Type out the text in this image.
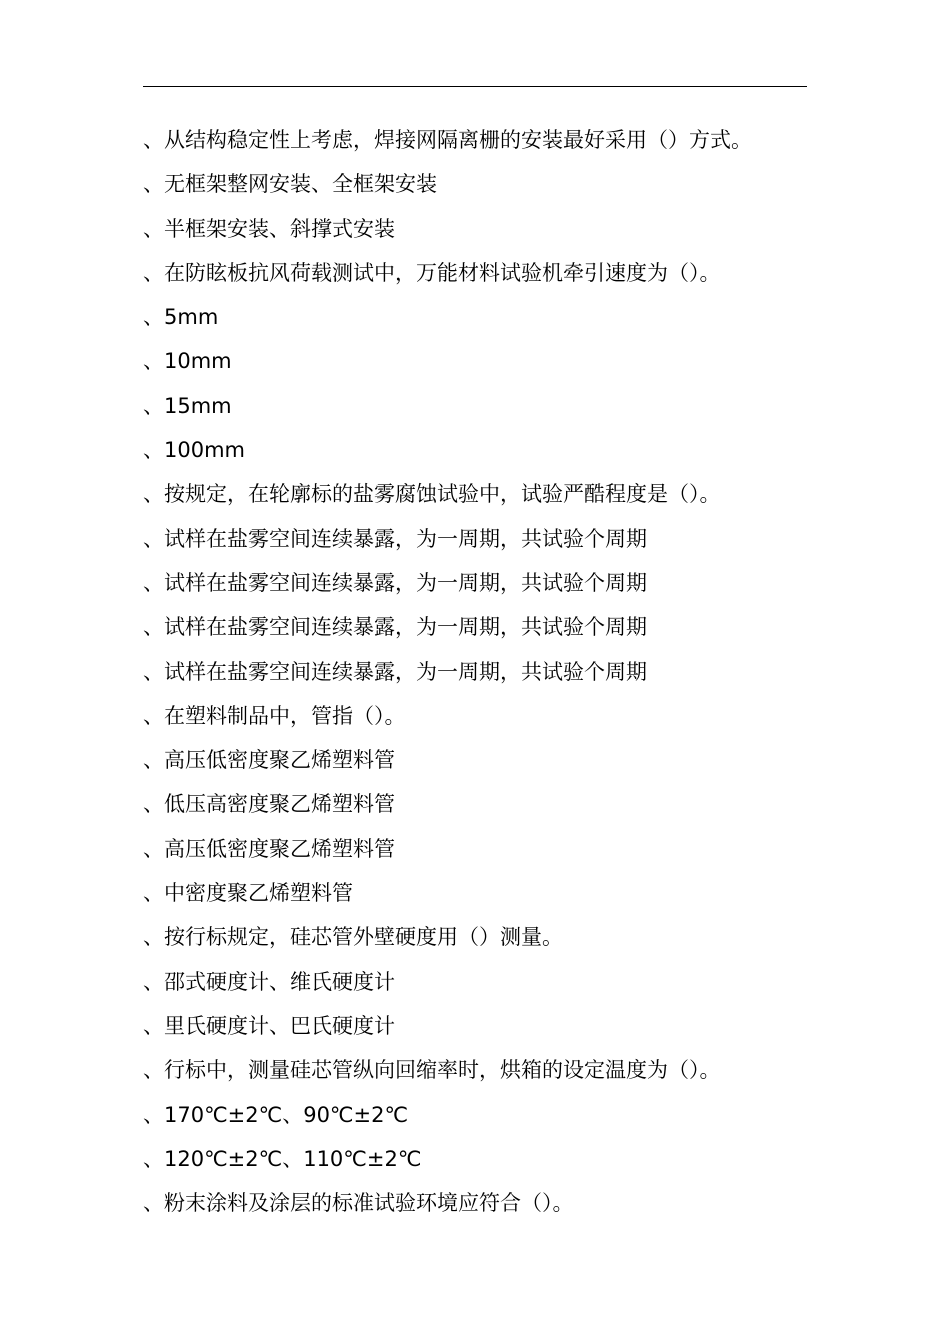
、从结构稳定性上考虑，焊接网隔离栅的安装最好采用（）方式。
、无框架整网安装、全框架安装
、半框架安装、斜撑式安装
、在防眩板抗风荷载测试中，万能材料试验机牵引速度为（）。
、5mm
、10mm
、15mm
、100mm
、按规定，在轮廓标的盐雾腐蚀试验中，试验严酷程度是（）。
、试样在盐雾空间连续暴露，为一周期，共试验个周期
、试样在盐雾空间连续暴露，为一周期，共试验个周期
、试样在盐雾空间连续暴露，为一周期，共试验个周期
、试样在盐雾空间连续暴露，为一周期，共试验个周期
、在塑料制品中，管指（）。
、高压低密度聚乙烯塑料管
、低压高密度聚乙烯塑料管
、高压低密度聚乙烯塑料管
、中密度聚乙烯塑料管
、按行标规定，硅芯管外壁硬度用（）测量。
、邵式硬度计、维氏硬度计
、里氏硬度计、巴氏硬度计
、行标中，测量硅芯管纵向回缩率时，烘箱的设定温度为（）。
、170℃±2℃、90℃±2℃
、120℃±2℃、110℃±2℃
、粉末涂料及涂层的标准试验环境应符合（）。
